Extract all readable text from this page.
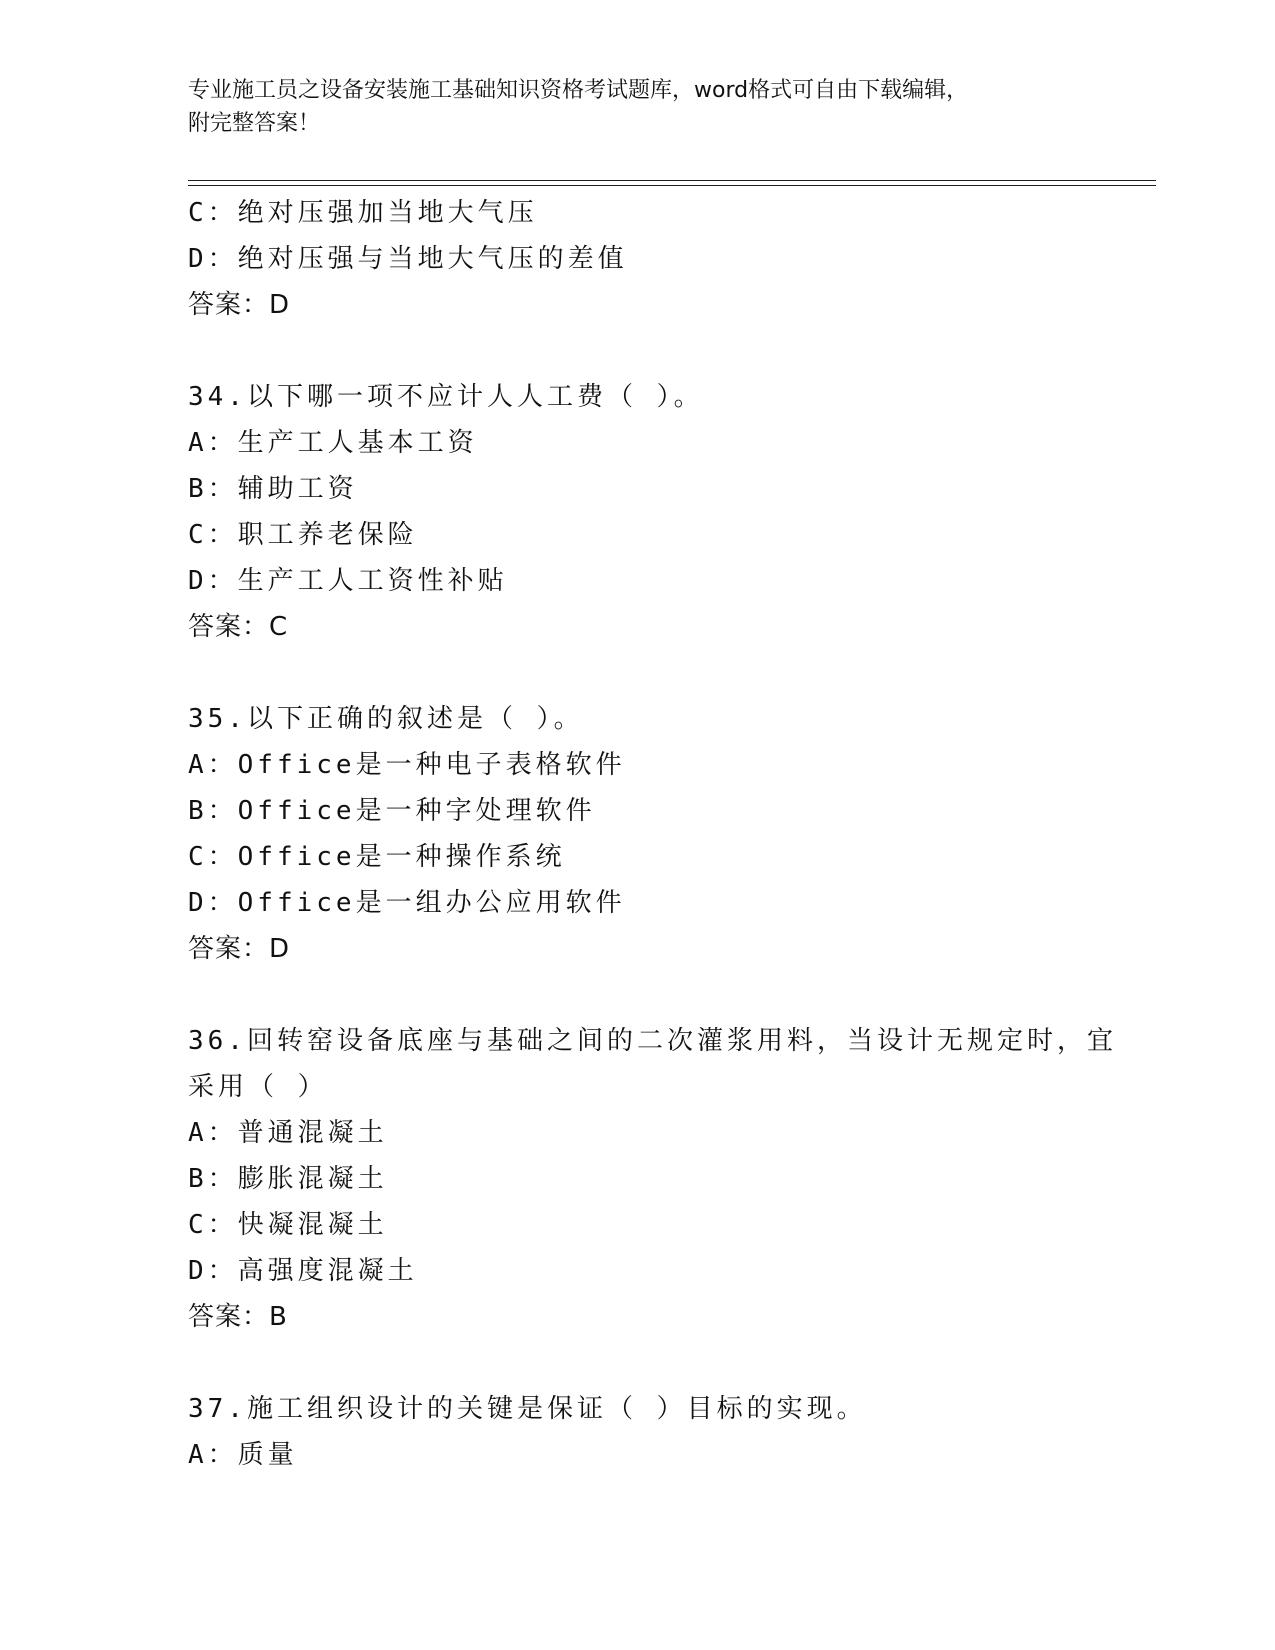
专业施工员之设备安装施工基础知识资格考试题库，word格式可自由下载编辑，
附完整答案！
C：绝对压强加当地大气压
D：绝对压强与当地大气压的差值
答案：D
34.以下哪一项不应计人人工费（ ）。
A：生产工人基本工资
B：辅助工资
C：职工养老保险
D：生产工人工资性补贴
答案：C
35.以下正确的叙述是（ ）。
A：Office是一种电子表格软件
B：Office是一种字处理软件
C：Office是一种操作系统
D：Office是一组办公应用软件
答案：D
36.回转窑设备底座与基础之间的二次灌浆用料，当设计无规定时，宜
采用（ ）
A：普通混凝土
B：膨胀混凝土
C：快凝混凝土
D：高强度混凝土
答案：B
37.施工组织设计的关键是保证（ ）目标的实现。
A：质量
